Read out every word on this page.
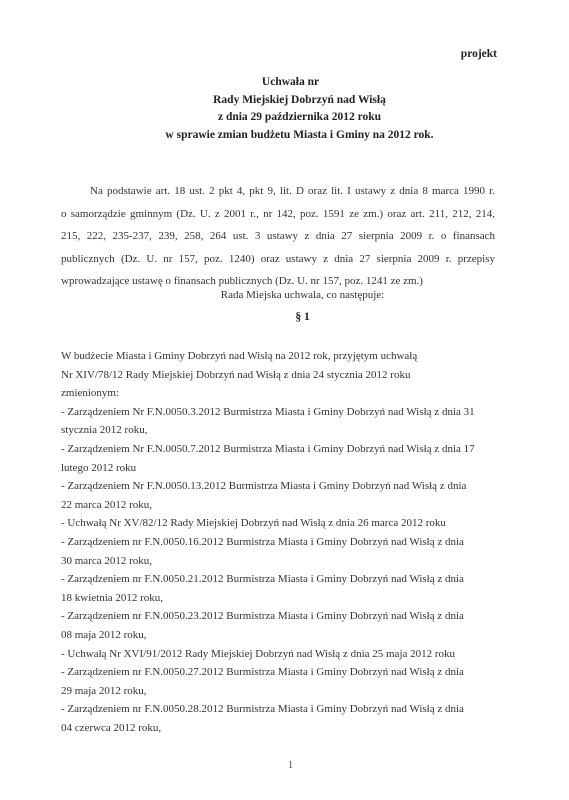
projekt
Uchwała nr
Rady Miejskiej Dobrzyń nad Wisłą
z dnia 29 października 2012 roku
w sprawie zmian budżetu Miasta i Gminy na 2012 rok.
Na podstawie art. 18 ust. 2 pkt 4, pkt 9, lit. D oraz lit. I ustawy z dnia 8 marca 1990 r.
o samorządzie gminnym (Dz. U. z 2001 r., nr 142, poz. 1591 ze zm.) oraz art. 211, 212, 214,
215, 222, 235-237, 239, 258, 264 ust. 3 ustawy z dnia 27 sierpnia 2009 r. o finansach
publicznych (Dz. U. nr 157, poz. 1240) oraz ustawy z dnia 27 sierpnia 2009 r. przepisy
wprowadzające ustawę o finansach publicznych (Dz. U. nr 157, poz. 1241 ze zm.)
Rada Miejska uchwala, co następuje:
§ 1
W budżecie Miasta i Gminy Dobrzyń nad Wisłą na 2012 rok, przyjętym uchwałą
Nr XIV/78/12 Rady Miejskiej Dobrzyń nad Wisłą z dnia 24 stycznia 2012 roku
zmienionym:
- Zarządzeniem Nr F.N.0050.3.2012 Burmistrza Miasta i Gminy Dobrzyń nad Wisłą z dnia 31
stycznia 2012 roku,
- Zarządzeniem Nr F.N.0050.7.2012 Burmistrza Miasta i Gminy Dobrzyń nad Wisłą z dnia 17
lutego 2012 roku
- Zarządzeniem Nr F.N.0050.13.2012 Burmistrza Miasta i Gminy Dobrzyń nad Wisłą z dnia
22 marca 2012 roku,
- Uchwałą Nr XV/82/12 Rady Miejskiej Dobrzyń nad Wisłą z dnia 26 marca 2012 roku
- Zarządzeniem nr F.N.0050.16.2012 Burmistrza Miasta i Gminy Dobrzyń nad Wisłą z dnia
30 marca 2012 roku,
- Zarządzeniem nr F.N.0050.21.2012 Burmistrza Miasta i Gminy Dobrzyń nad Wisłą z dnia
18 kwietnia 2012 roku,
- Zarządzeniem nr F.N.0050.23.2012 Burmistrza Miasta i Gminy Dobrzyń nad Wisłą z dnia
08 maja 2012 roku,
- Uchwałą Nr XVI/91/2012 Rady Miejskiej Dobrzyń nad Wisłą z dnia 25 maja 2012 roku
- Zarządzeniem nr F.N.0050.27.2012 Burmistrza Miasta i Gminy Dobrzyń nad Wisłą z dnia
29 maja 2012 roku,
- Zarządzeniem nr F.N.0050.28.2012 Burmistrza Miasta i Gminy Dobrzyń nad Wisłą z dnia
04 czerwca 2012 roku,
1
